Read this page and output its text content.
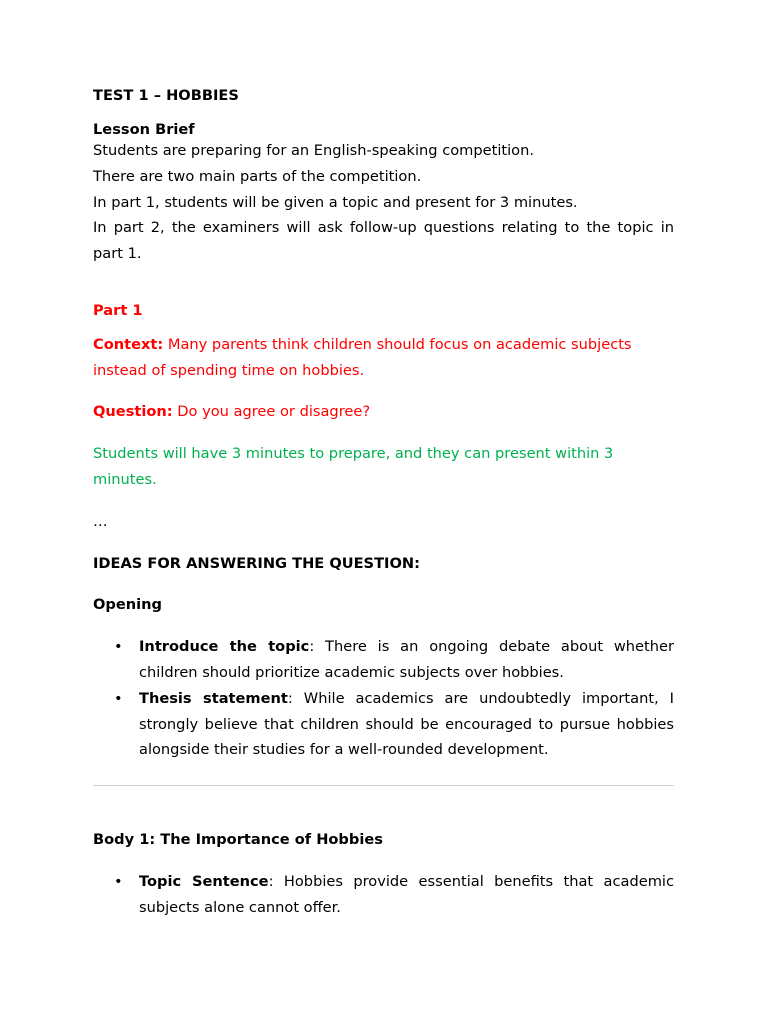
TEST 1 – HOBBIES

Lesson Brief

Students are preparing for an English-speaking competition.

There are two main parts of the competition.

In part 1, students will be given a topic and present for 3 minutes.

In part 2, the examiners will ask follow-up questions relating to the topic in part 1.

Part 1

Context: Many parents think children should focus on academic subjects instead of spending time on hobbies.

Question: Do you agree or disagree?

Students will have 3 minutes to prepare, and they can present within 3 minutes.

…

IDEAS FOR ANSWERING THE QUESTION:

Opening

• Introduce the topic: There is an ongoing debate about whether children should prioritize academic subjects over hobbies.
• Thesis statement: While academics are undoubtedly important, I strongly believe that children should be encouraged to pursue hobbies alongside their studies for a well-rounded development.

Body 1: The Importance of Hobbies

• Topic Sentence: Hobbies provide essential benefits that academic subjects alone cannot offer.
